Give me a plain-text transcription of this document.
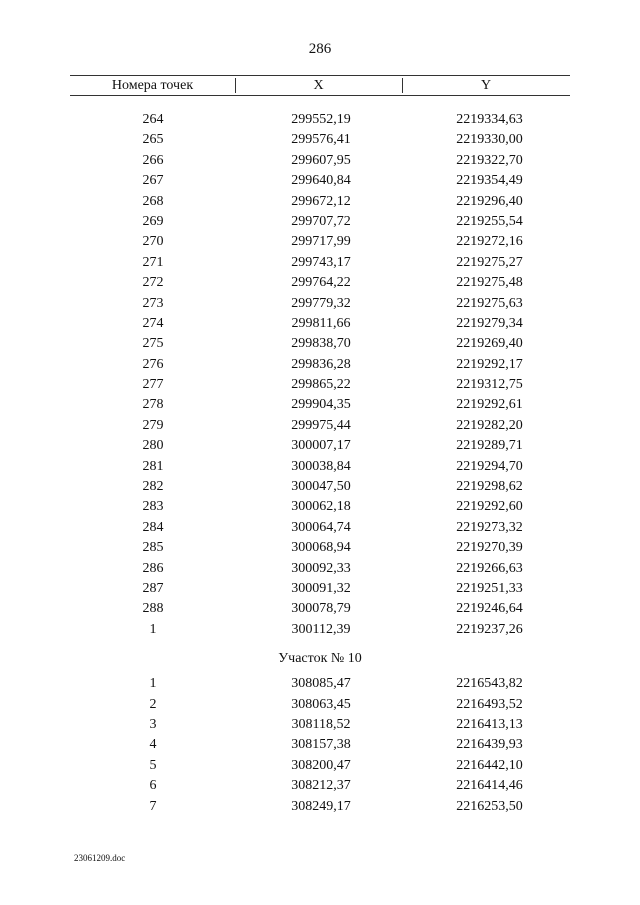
286
Номера точек	X	Y
264	299552,19	2219334,63
265	299576,41	2219330,00
266	299607,95	2219322,70
267	299640,84	2219354,49
268	299672,12	2219296,40
269	299707,72	2219255,54
270	299717,99	2219272,16
271	299743,17	2219275,27
272	299764,22	2219275,48
273	299779,32	2219275,63
274	299811,66	2219279,34
275	299838,70	2219269,40
276	299836,28	2219292,17
277	299865,22	2219312,75
278	299904,35	2219292,61
279	299975,44	2219282,20
280	300007,17	2219289,71
281	300038,84	2219294,70
282	300047,50	2219298,62
283	300062,18	2219292,60
284	300064,74	2219273,32
285	300068,94	2219270,39
286	300092,33	2219266,63
287	300091,32	2219251,33
288	300078,79	2219246,64
1	300112,39	2219237,26
Участок № 10
1	308085,47	2216543,82
2	308063,45	2216493,52
3	308118,52	2216413,13
4	308157,38	2216439,93
5	308200,47	2216442,10
6	308212,37	2216414,46
7	308249,17	2216253,50
23061209.doc
